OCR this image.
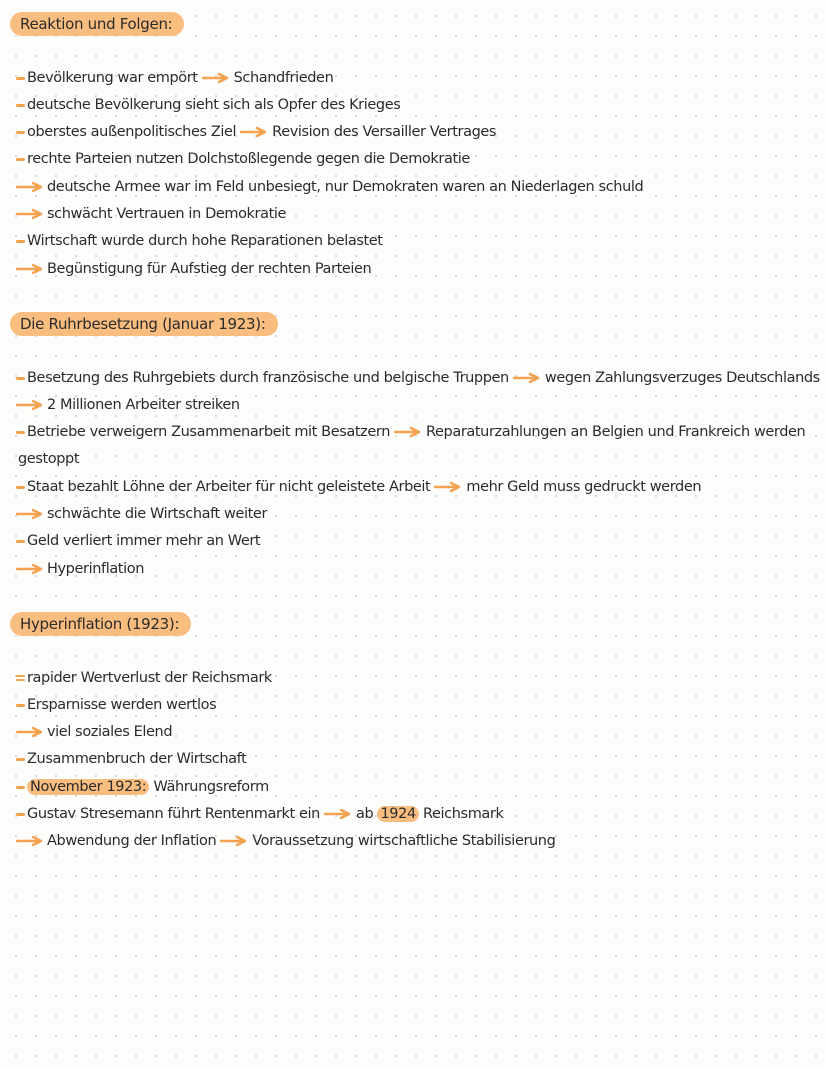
Reaktion und Folgen:
Bevölkerung war empört Schandfrieden
deutsche Bevölkerung sieht sich als Opfer des Krieges
oberstes außenpolitisches Ziel Revision des Versailler Vertrages
rechte Parteien nutzen Dolchstoßlegende gegen die Demokratie
deutsche Armee war im Feld unbesiegt, nur Demokraten waren an Niederlagen schuld
schwächt Vertrauen in Demokratie
Wirtschaft wurde durch hohe Reparationen belastet
Begünstigung für Aufstieg der rechten Parteien
Die Ruhrbesetzung (Januar 1923):
Besetzung des Ruhrgebiets durch französische und belgische Truppen wegen Zahlungsverzuges Deutschlands
2 Millionen Arbeiter streiken
Betriebe verweigern Zusammenarbeit mit Besatzern Reparaturzahlungen an Belgien und Frankreich werden
gestoppt
Staat bezahlt Löhne der Arbeiter für nicht geleistete Arbeit mehr Geld muss gedruckt werden
schwächte die Wirtschaft weiter
Geld verliert immer mehr an Wert
Hyperinflation
Hyperinflation (1923):
rapider Wertverlust der Reichsmark
Ersparnisse werden wertlos
viel soziales Elend
Zusammenbruch der Wirtschaft
November 1923: Währungsreform
Gustav Stresemann führt Rentenmarkt ein ab 1924 Reichsmark
Abwendung der Inflation Voraussetzung wirtschaftliche Stabilisierung
